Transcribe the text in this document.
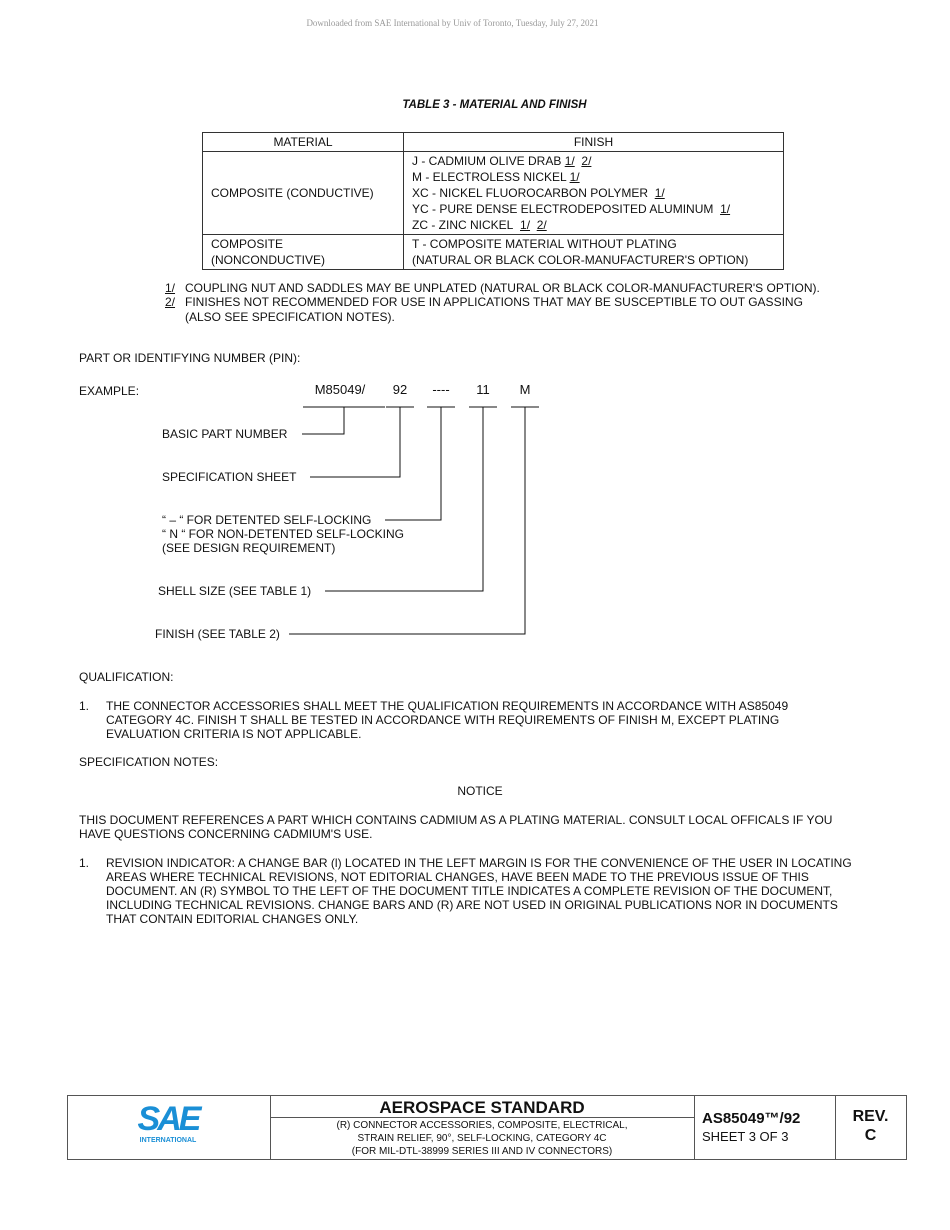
Downloaded from SAE International by Univ of Toronto, Tuesday, July 27, 2021
TABLE 3 - MATERIAL AND FINISH
MATERIAL	FINISH
COMPOSITE (CONDUCTIVE)	J - CADMIUM OLIVE DRAB 1/ 2/
M - ELECTROLESS NICKEL 1/
XC - NICKEL FLUOROCARBON POLYMER 1/
YC - PURE DENSE ELECTRODEPOSITED ALUMINUM 1/
ZC - ZINC NICKEL 1/ 2/

COMPOSITE (NONCONDUCTIVE)	T - COMPOSITE MATERIAL WITHOUT PLATING
(NATURAL OR BLACK COLOR-MANUFACTURER'S OPTION)
1/ COUPLING NUT AND SADDLES MAY BE UNPLATED (NATURAL OR BLACK COLOR-MANUFACTURER'S OPTION).
2/ FINISHES NOT RECOMMENDED FOR USE IN APPLICATIONS THAT MAY BE SUSCEPTIBLE TO OUT GASSING
(ALSO SEE SPECIFICATION NOTES).
PART OR IDENTIFYING NUMBER (PIN):
EXAMPLE:	M85049/	92	----	11	M
BASIC PART NUMBER
SPECIFICATION SHEET
“ – “ FOR DETENTED SELF-LOCKING
“ N “ FOR NON-DETENTED SELF-LOCKING
(SEE DESIGN REQUIREMENT)
SHELL SIZE (SEE TABLE 1)
FINISH (SEE TABLE 2)
QUALIFICATION:
1. THE CONNECTOR ACCESSORIES SHALL MEET THE QUALIFICATION REQUIREMENTS IN ACCORDANCE WITH AS85049
CATEGORY 4C. FINISH T SHALL BE TESTED IN ACCORDANCE WITH REQUIREMENTS OF FINISH M, EXCEPT PLATING
EVALUATION CRITERIA IS NOT APPLICABLE.
SPECIFICATION NOTES:
NOTICE
THIS DOCUMENT REFERENCES A PART WHICH CONTAINS CADMIUM AS A PLATING MATERIAL. CONSULT LOCAL OFFICALS IF YOU
HAVE QUESTIONS CONCERNING CADMIUM'S USE.
1. REVISION INDICATOR: A CHANGE BAR (l) LOCATED IN THE LEFT MARGIN IS FOR THE CONVENIENCE OF THE USER IN LOCATING
AREAS WHERE TECHNICAL REVISIONS, NOT EDITORIAL CHANGES, HAVE BEEN MADE TO THE PREVIOUS ISSUE OF THIS
DOCUMENT. AN (R) SYMBOL TO THE LEFT OF THE DOCUMENT TITLE INDICATES A COMPLETE REVISION OF THE DOCUMENT,
INCLUDING TECHNICAL REVISIONS. CHANGE BARS AND (R) ARE NOT USED IN ORIGINAL PUBLICATIONS NOR IN DOCUMENTS
THAT CONTAIN EDITORIAL CHANGES ONLY.
SAE
INTERNATIONAL
AEROSPACE STANDARD
(R) CONNECTOR ACCESSORIES, COMPOSITE, ELECTRICAL,
STRAIN RELIEF, 90°, SELF-LOCKING, CATEGORY 4C
(FOR MIL-DTL-38999 SERIES III AND IV CONNECTORS)
AS85049™/92
SHEET 3 OF 3
REV.
C
